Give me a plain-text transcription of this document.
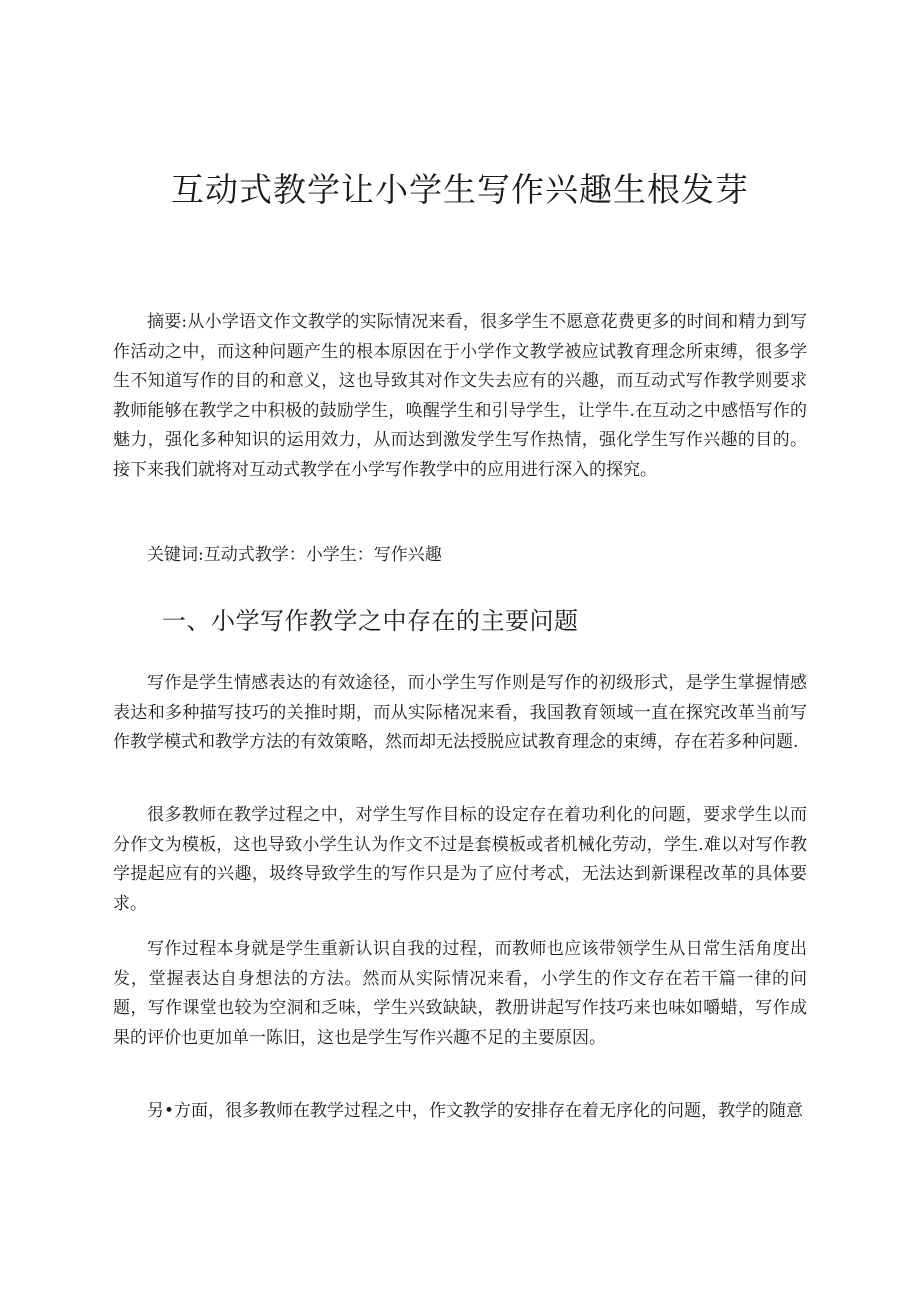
互动式教学让小学生写作兴趣生根发芽

摘要:从小学语文作文教学的实际情况来看，很多学生不愿意花费更多的时间和精力到写作活动之中，而这种问题产生的根本原因在于小学作文教学被应试教育理念所束缚，很多学生不知道写作的目的和意义，这也导致其对作文失去应有的兴趣，而互动式写作教学则要求教师能够在教学之中积极的鼓励学生，唤醒学生和引导学生，让学牛.在互动之中感悟写作的魅力，强化多种知识的运用效力，从而达到激发学生写作热情，强化学生写作兴趣的目的。接下来我们就将对互动式教学在小学写作教学中的应用进行深入的探究。

关键词:互动式教学：小学生：写作兴趣

一、小学写作教学之中存在的主要问题

写作是学生情感表达的有效途径，而小学生写作则是写作的初级形式，是学生掌握情感表达和多种描写技巧的关推时期，而从实际楮况来看，我国教育领域一直在探究改革当前写作教学模式和教学方法的有效策略，然而却无法授脱应试教育理念的束缚，存在若多种问题.

很多教师在教学过程之中，对学生写作目标的设定存在着功利化的问题，要求学生以而分作文为模板，这也导致小学生认为作文不过是套模板或者机械化劳动，学生.难以对写作教学提起应有的兴趣，圾终导致学生的写作只是为了应付考忒，无法达到新课程改革的具体要求。

写作过程本身就是学生重新认识自我的过程，而教师也应该带领学生从日常生活角度出发，堂握表达自身想法的方法。然而从实际情况来看，小学生的作文存在若干篇一律的问题，写作课堂也较为空洞和乏味，学生兴致缺缺，教册讲起写作技巧来也味如嚼蜡，写作成果的评价也更加单一陈旧，这也是学生写作兴趣不足的主要原因。

另•方面，很多教师在教学过程之中，作文教学的安排存在着无序化的问题，教学的随意
